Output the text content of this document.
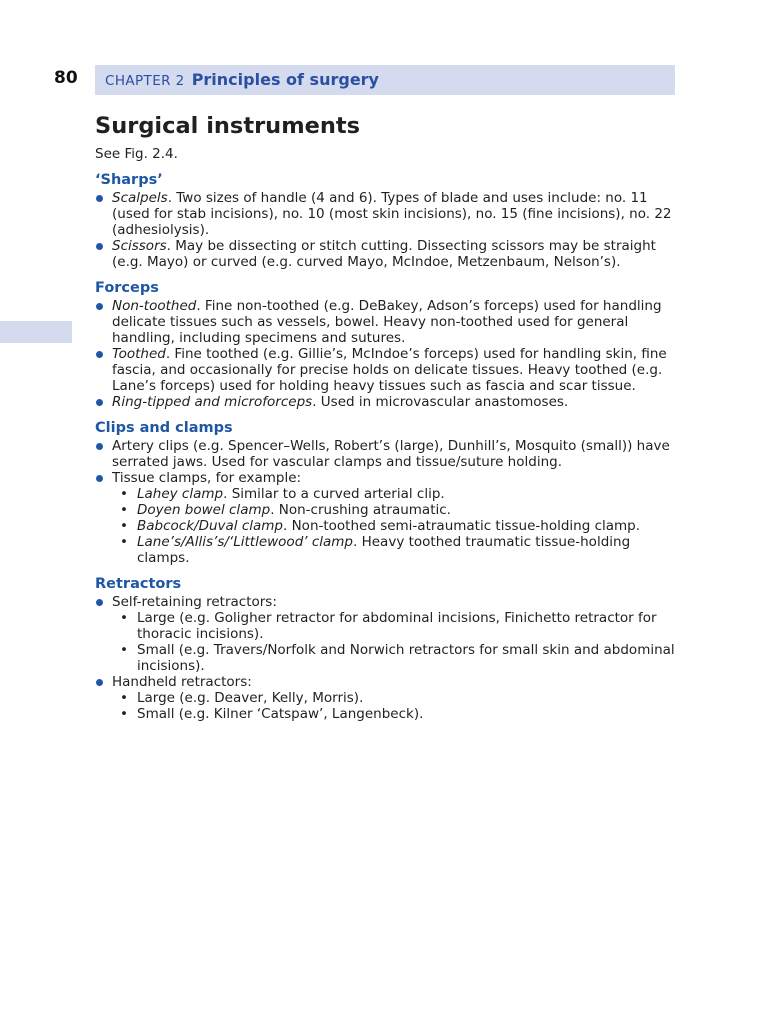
80	CHAPTER 2 Principles of surgery
Surgical instruments

See Fig. 2.4.

‘Sharps’
Scalpels. Two sizes of handle (4 and 6). Types of blade and uses include: no. 11 (used for stab incisions), no. 10 (most skin incisions), no. 15 (fine incisions), no. 22 (adhesiolysis).
Scissors. May be dissecting or stitch cutting. Dissecting scissors may be straight (e.g. Mayo) or curved (e.g. curved Mayo, McIndoe, Metzenbaum, Nelson’s).
Forceps
Non-toothed. Fine non-toothed (e.g. DeBakey, Adson’s forceps) used for handling delicate tissues such as vessels, bowel. Heavy non-toothed used for general handling, including specimens and sutures.
Toothed. Fine toothed (e.g. Gillie’s, McIndoe’s forceps) used for handling skin, fine fascia, and occasionally for precise holds on delicate tissues. Heavy toothed (e.g. Lane’s forceps) used for holding heavy tissues such as fascia and scar tissue.
Ring-tipped and microforceps. Used in microvascular anastomoses.
Clips and clamps
Artery clips (e.g. Spencer–Wells, Robert’s (large), Dunhill’s, Mosquito (small)) have serrated jaws. Used for vascular clamps and tissue/suture holding.
Tissue clamps, for example:
• Lahey clamp. Similar to a curved arterial clip.
• Doyen bowel clamp. Non-crushing atraumatic.
• Babcock/Duval clamp. Non-toothed semi-atraumatic tissue-holding clamp.
• Lane’s/Allis’s/‘Littlewood’ clamp. Heavy toothed traumatic tissue-holding clamps.
Retractors
Self-retaining retractors:
• Large (e.g. Goligher retractor for abdominal incisions, Finichetto retractor for thoracic incisions).
• Small (e.g. Travers/Norfolk and Norwich retractors for small skin and abdominal incisions).
Handheld retractors:
• Large (e.g. Deaver, Kelly, Morris).
• Small (e.g. Kilner ‘Catspaw’, Langenbeck).
